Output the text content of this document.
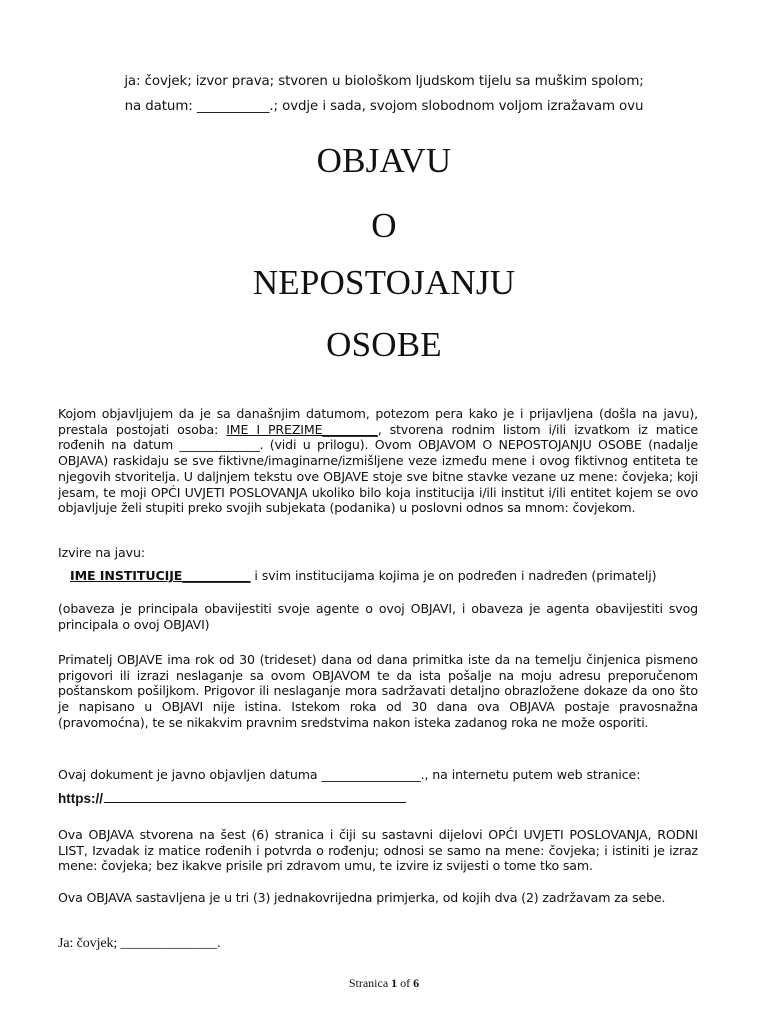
ja: čovjek; izvor prava; stvoren u biološkom ljudskom tijelu sa muškim spolom;
na datum: ___________.; ovdje i sada, svojom slobodnom voljom izražavam ovu
OBJAVU
O
NEPOSTOJANJU
OSOBE
Kojom objavljujem da je sa današnjim datumom, potezom pera kako je i prijavljena (došla na javu), prestala postojati osoba: IME I PREZIME_________, stvorena rodnim listom i/ili izvatkom iz matice rođenih na datum _____________. (vidi u prilogu). Ovom OBJAVOM O NEPOSTOJANJU OSOBE (nadalje OBJAVA) raskidaju se sve fiktivne/imaginarne/izmišljene veze između mene i ovog fiktivnog entiteta te njegovih stvoritelja. U daljnjem tekstu ove OBJAVE stoje sve bitne stavke vezane uz mene: čovjeka; koji jesam, te moji OPĆI UVJETI POSLOVANJA ukoliko bilo koja institucija i/ili institut i/ili entitet kojem se ovo objavljuje želi stupiti preko svojih subjekata (podanika) u poslovni odnos sa mnom: čovjekom.
Izvire na javu:
IME INSTITUCIJE___________ i svim institucijama kojima je on podređen i nadređen (primatelj)
(obaveza je principala obavijestiti svoje agente o ovoj OBJAVI, i obaveza je agenta obavijestiti svog principala o ovoj OBJAVI)
Primatelj OBJAVE ima rok od 30 (trideset) dana od dana primitka iste da na temelju činjenica pismeno prigovori ili izrazi neslaganje sa ovom OBJAVOM te da ista pošalje na moju adresu preporučenom poštanskom pošiljkom. Prigovor ili neslaganje mora sadržavati detaljno obrazložene dokaze da ono što je napisano u OBJAVI nije istina. Istekom roka od 30 dana ova OBJAVA postaje pravosnažna (pravomoćna), te se nikakvim pravnim sredstvima nakon isteka zadanog roka ne može osporiti.
Ovaj dokument je javno objavljen datuma ________________., na internetu putem web stranice:
https://
Ova OBJAVA stvorena na šest (6) stranica i čiji su sastavni dijelovi OPĆI UVJETI POSLOVANJA, RODNI LIST, Izvadak iz matice rođenih i potvrda o rođenju; odnosi se samo na mene: čovjeka; i istiniti je izraz mene: čovjeka; bez ikakve prisile pri zdravom umu, te izvire iz svijesti o tome tko sam.
Ova OBJAVA sastavljena je u tri (3) jednakovrijedna primjerka, od kojih dva (2) zadržavam za sebe.
Ja: čovjek; ______________.
Stranica 1 of 6
